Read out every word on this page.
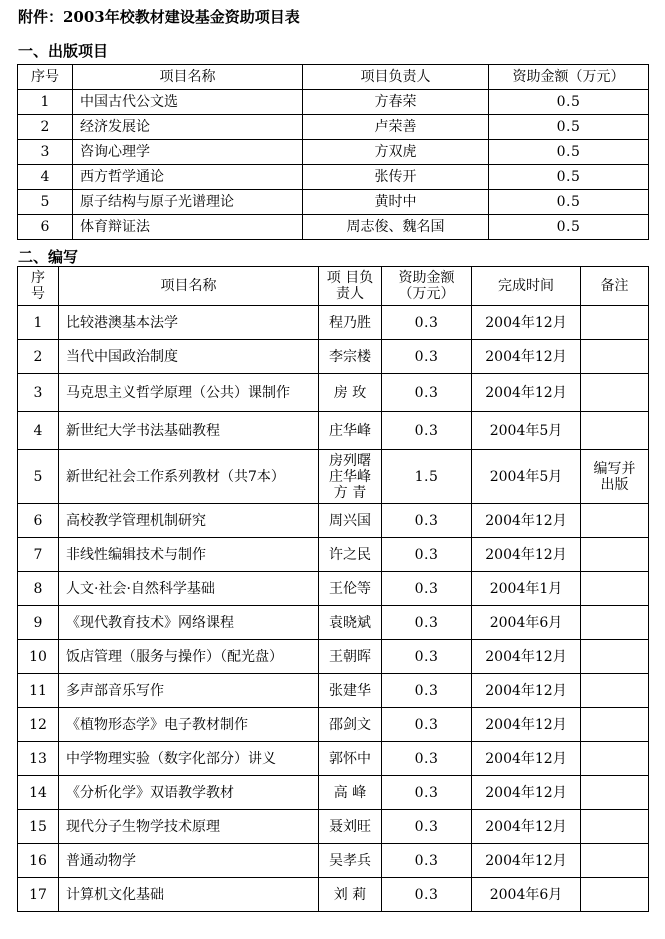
附件：2003年校教材建设基金资助项目表
一、出版项目
序号	项目名称	项目负责人	资助金额（万元）
1	中国古代公文选	方春荣	0.5
2	经济发展论	卢荣善	0.5
3	咨询心理学	方双虎	0.5
4	西方哲学通论	张传开	0.5
5	原子结构与原子光谱理论	黄时中	0.5
6	体育辩证法	周志俊、魏名国	0.5
二、编写
序号	项目名称	项 目负责人	资助金额（万元）	完成时间	备注
1	比较港澳基本法学	程乃胜	0.3	2004年12月	
2	当代中国政治制度	李宗楼	0.3	2004年12月	
3	马克思主义哲学原理（公共）课制作	房 玫	0.3	2004年12月	
4	新世纪大学书法基础教程	庄华峰	0.3	2004年5月	
5	新世纪社会工作系列教材（共7本）	房列曙 庄华峰 方 青	1.5	2004年5月	编写并出版
6	高校教学管理机制研究	周兴国	0.3	2004年12月	
7	非线性编辑技术与制作	许之民	0.3	2004年12月	
8	人文·社会·自然科学基础	王伦等	0.3	2004年1月	
9	《现代教育技术》网络课程	袁晓斌	0.3	2004年6月	
10	饭店管理（服务与操作）（配光盘）	王朝晖	0.3	2004年12月	
11	多声部音乐写作	张建华	0.3	2004年12月	
12	《植物形态学》电子教材制作	邵剑文	0.3	2004年12月	
13	中学物理实验（数字化部分）讲义	郭怀中	0.3	2004年12月	
14	《分析化学》双语教学教材	高 峰	0.3	2004年12月	
15	现代分子生物学技术原理	聂刘旺	0.3	2004年12月	
16	普通动物学	吴孝兵	0.3	2004年12月	
17	计算机文化基础	刘 莉	0.3	2004年6月	
